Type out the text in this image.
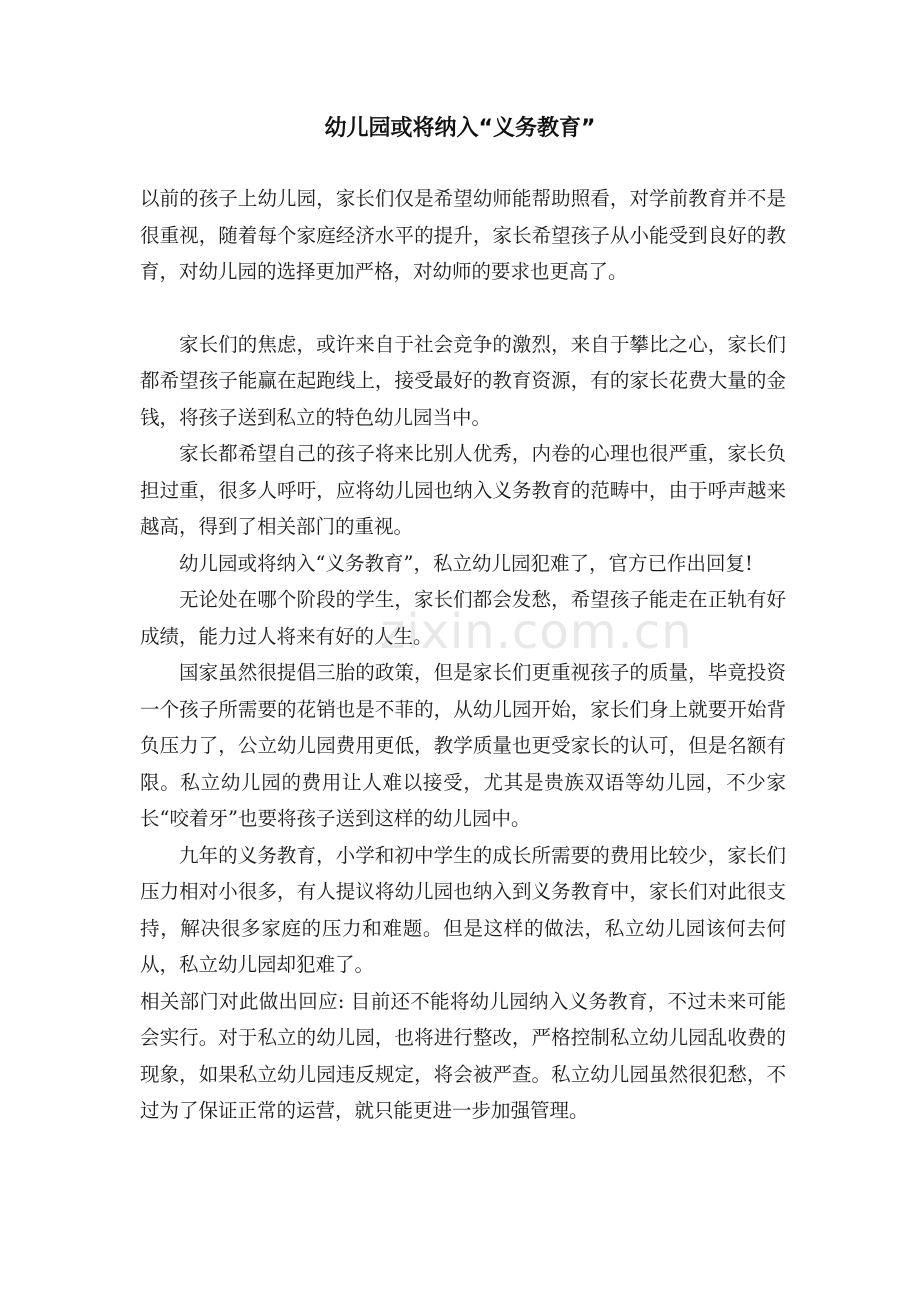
幼儿园或将纳入“义务教育”

以前的孩子上幼儿园，家长们仅是希望幼师能帮助照看，对学前教育并不是很重视，随着每个家庭经济水平的提升，家长希望孩子从小能受到良好的教育，对幼儿园的选择更加严格，对幼师的要求也更高了。

家长们的焦虑，或许来自于社会竞争的激烈，来自于攀比之心，家长们都希望孩子能赢在起跑线上，接受最好的教育资源，有的家长花费大量的金钱，将孩子送到私立的特色幼儿园当中。

家长都希望自己的孩子将来比别人优秀，内卷的心理也很严重，家长负担过重，很多人呼吁，应将幼儿园也纳入义务教育的范畴中，由于呼声越来越高，得到了相关部门的重视。

幼儿园或将纳入“义务教育”，私立幼儿园犯难了，官方已作出回复!

无论处在哪个阶段的学生，家长们都会发愁，希望孩子能走在正轨有好成绩，能力过人将来有好的人生。

国家虽然很提倡三胎的政策，但是家长们更重视孩子的质量，毕竟投资一个孩子所需要的花销也是不菲的，从幼儿园开始，家长们身上就要开始背负压力了，公立幼儿园费用更低，教学质量也更受家长的认可，但是名额有限。私立幼儿园的费用让人难以接受，尤其是贵族双语等幼儿园，不少家长“咬着牙”也要将孩子送到这样的幼儿园中。

九年的义务教育，小学和初中学生的成长所需要的费用比较少，家长们压力相对小很多，有人提议将幼儿园也纳入到义务教育中，家长们对此很支持，解决很多家庭的压力和难题。但是这样的做法，私立幼儿园该何去何从，私立幼儿园却犯难了。

相关部门对此做出回应: 目前还不能将幼儿园纳入义务教育，不过未来可能会实行。对于私立的幼儿园，也将进行整改，严格控制私立幼儿园乱收费的现象，如果私立幼儿园违反规定，将会被严查。私立幼儿园虽然很犯愁，不过为了保证正常的运营，就只能更进一步加强管理。

zixin.com.cn
